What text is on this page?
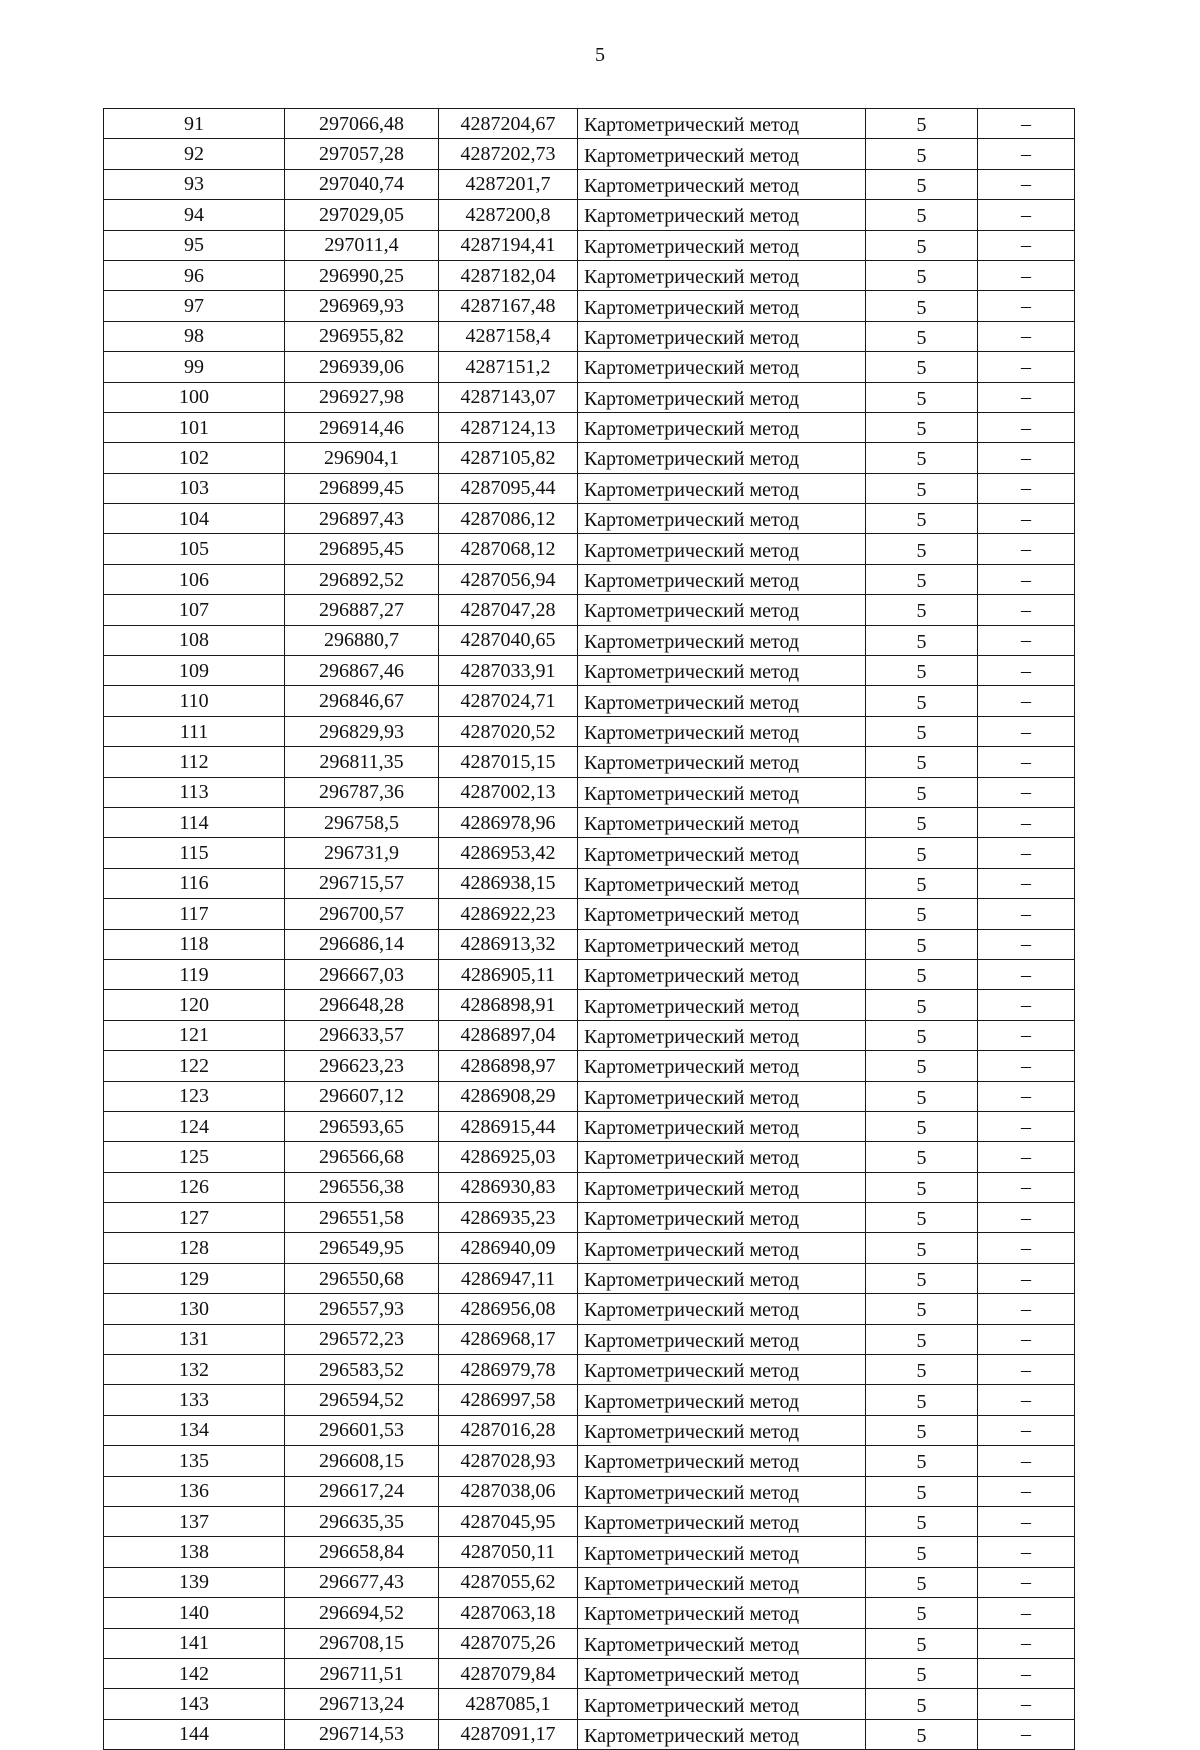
5
91	297066,48	4287204,67	Картометрический метод	5	–
92	297057,28	4287202,73	Картометрический метод	5	–
93	297040,74	4287201,7	Картометрический метод	5	–
94	297029,05	4287200,8	Картометрический метод	5	–
95	297011,4	4287194,41	Картометрический метод	5	–
96	296990,25	4287182,04	Картометрический метод	5	–
97	296969,93	4287167,48	Картометрический метод	5	–
98	296955,82	4287158,4	Картометрический метод	5	–
99	296939,06	4287151,2	Картометрический метод	5	–
100	296927,98	4287143,07	Картометрический метод	5	–
101	296914,46	4287124,13	Картометрический метод	5	–
102	296904,1	4287105,82	Картометрический метод	5	–
103	296899,45	4287095,44	Картометрический метод	5	–
104	296897,43	4287086,12	Картометрический метод	5	–
105	296895,45	4287068,12	Картометрический метод	5	–
106	296892,52	4287056,94	Картометрический метод	5	–
107	296887,27	4287047,28	Картометрический метод	5	–
108	296880,7	4287040,65	Картометрический метод	5	–
109	296867,46	4287033,91	Картометрический метод	5	–
110	296846,67	4287024,71	Картометрический метод	5	–
111	296829,93	4287020,52	Картометрический метод	5	–
112	296811,35	4287015,15	Картометрический метод	5	–
113	296787,36	4287002,13	Картометрический метод	5	–
114	296758,5	4286978,96	Картометрический метод	5	–
115	296731,9	4286953,42	Картометрический метод	5	–
116	296715,57	4286938,15	Картометрический метод	5	–
117	296700,57	4286922,23	Картометрический метод	5	–
118	296686,14	4286913,32	Картометрический метод	5	–
119	296667,03	4286905,11	Картометрический метод	5	–
120	296648,28	4286898,91	Картометрический метод	5	–
121	296633,57	4286897,04	Картометрический метод	5	–
122	296623,23	4286898,97	Картометрический метод	5	–
123	296607,12	4286908,29	Картометрический метод	5	–
124	296593,65	4286915,44	Картометрический метод	5	–
125	296566,68	4286925,03	Картометрический метод	5	–
126	296556,38	4286930,83	Картометрический метод	5	–
127	296551,58	4286935,23	Картометрический метод	5	–
128	296549,95	4286940,09	Картометрический метод	5	–
129	296550,68	4286947,11	Картометрический метод	5	–
130	296557,93	4286956,08	Картометрический метод	5	–
131	296572,23	4286968,17	Картометрический метод	5	–
132	296583,52	4286979,78	Картометрический метод	5	–
133	296594,52	4286997,58	Картометрический метод	5	–
134	296601,53	4287016,28	Картометрический метод	5	–
135	296608,15	4287028,93	Картометрический метод	5	–
136	296617,24	4287038,06	Картометрический метод	5	–
137	296635,35	4287045,95	Картометрический метод	5	–
138	296658,84	4287050,11	Картометрический метод	5	–
139	296677,43	4287055,62	Картометрический метод	5	–
140	296694,52	4287063,18	Картометрический метод	5	–
141	296708,15	4287075,26	Картометрический метод	5	–
142	296711,51	4287079,84	Картометрический метод	5	–
143	296713,24	4287085,1	Картометрический метод	5	–
144	296714,53	4287091,17	Картометрический метод	5	–
